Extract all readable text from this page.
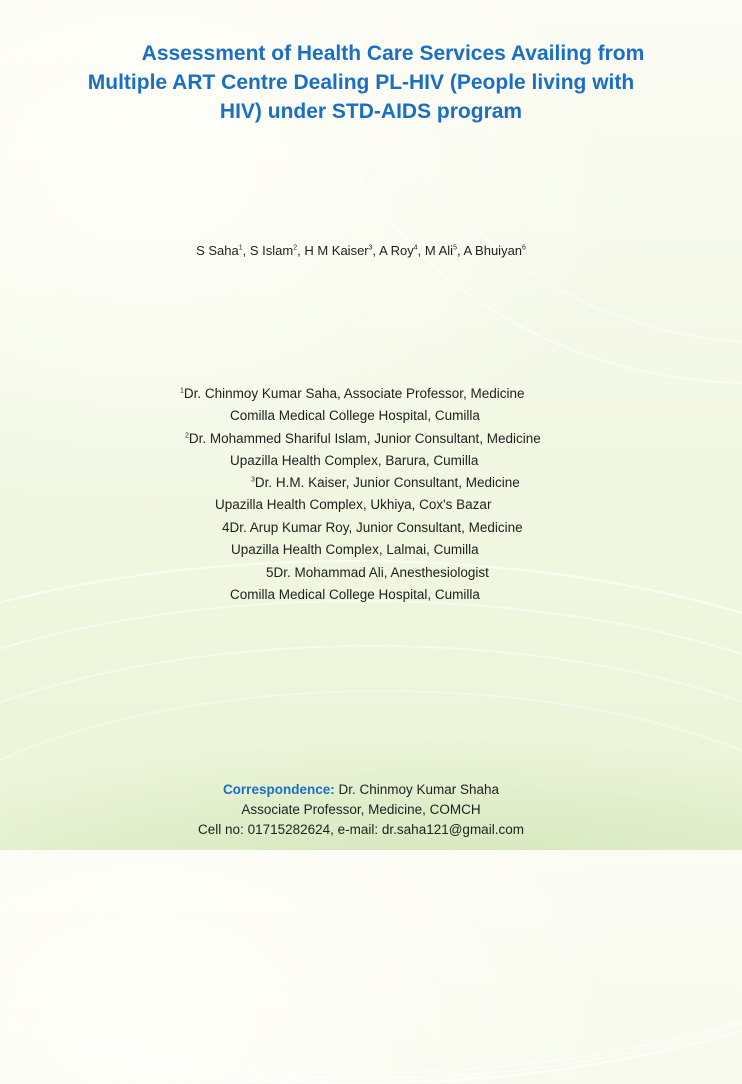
Assessment of Health Care Services Availing from
Multiple ART Centre Dealing PL-HIV (People living with
HIV) under STD-AIDS program
S Saha$^1$, S Islam$^2$, H M Kaiser$^3$, A Roy$^4$, M Ali$^5$, A Bhuiyan$^6$
$^1$Dr. Chinmoy Kumar Saha, Associate Professor, Medicine
Comilla Medical College Hospital, Cumilla
$^2$Dr. Mohammed Shariful Islam, Junior Consultant, Medicine
Upazilla Health Complex, Barura, Cumilla
$^3$Dr. H.M. Kaiser, Junior Consultant, Medicine
Upazilla Health Complex, Ukhiya, Cox's Bazar
4Dr. Arup Kumar Roy, Junior Consultant, Medicine
Upazilla Health Complex, Lalmai, Cumilla
5Dr. Mohammad Ali, Anesthesiologist
Comilla Medical College Hospital, Cumilla
Correspondence: Dr. Chinmoy Kumar Shaha
Associate Professor, Medicine, COMCH
Cell no: 01715282624, e-mail: dr.saha121@gmail.com
